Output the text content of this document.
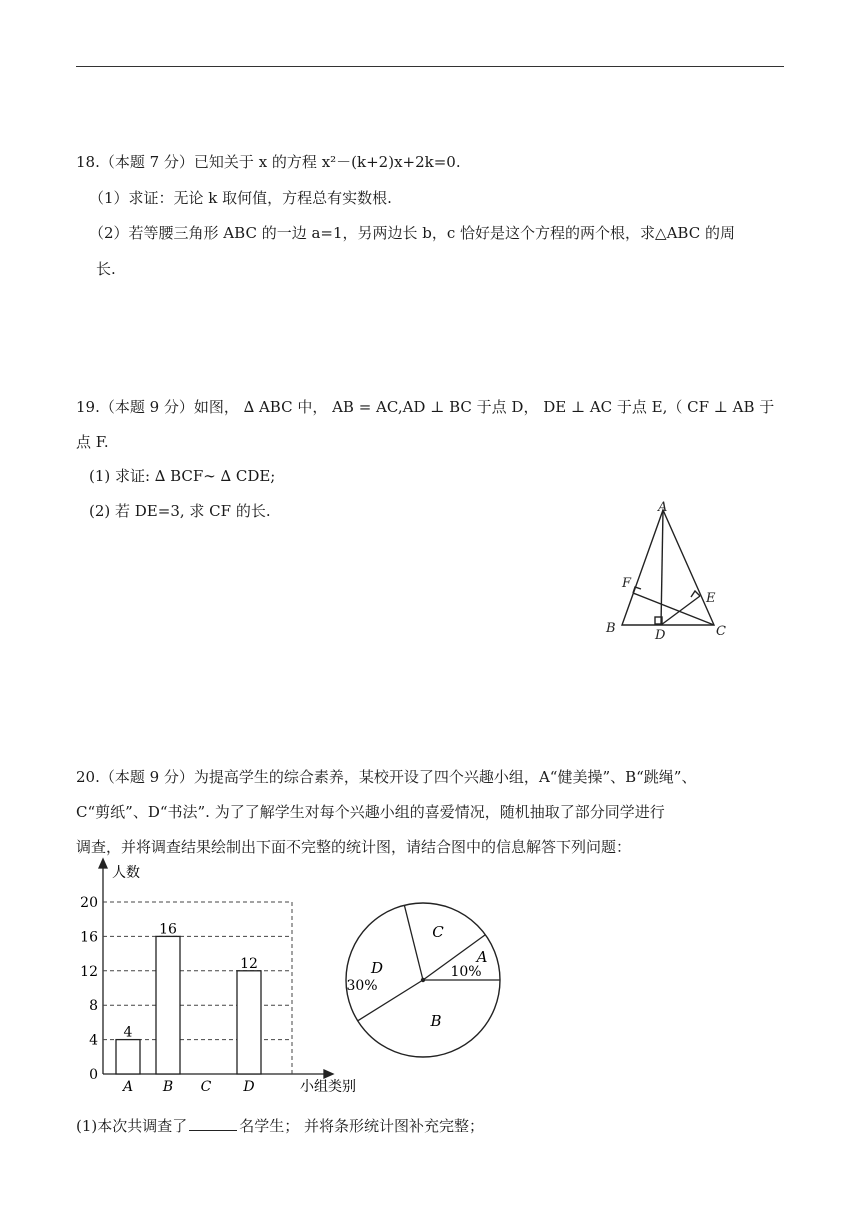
18.（本题 7 分）已知关于 x 的方程 x²－(k+2)x+2k=0.
（1）求证：无论 k 取何值，方程总有实数根.
（2）若等腰三角形 ABC 的一边 a=1，另两边长 b，c 恰好是这个方程的两个根，求△ABC 的周
长.
19.（本题 9 分）如图， ∆ ABC 中， AB = AC,AD ⊥ BC 于点 D， DE ⊥ AC 于点 E,（ CF ⊥ AB 于
点 F.
(1) 求证: ∆ BCF∼ ∆ CDE;
(2) 若 DE=3, 求 CF 的长.	A
B	C
D
E
F
20.（本题 9 分）为提高学生的综合素养，某校开设了四个兴趣小组，A“健美操”、B“跳绳”、
C“剪纸”、D“书法”. 为了了解学生对每个兴趣小组的喜爱情况，随机抽取了部分同学进行
调查，并将调查结果绘制出下面不完整的统计图，请结合图中的信息解答下列问题：
0
4
8
12
16
20
4
A
16
B C
12
D
人数
小组类别
A
B
C
D	10%
30%
(1)本次共调查了	名学生； 并将条形统计图补充完整；
